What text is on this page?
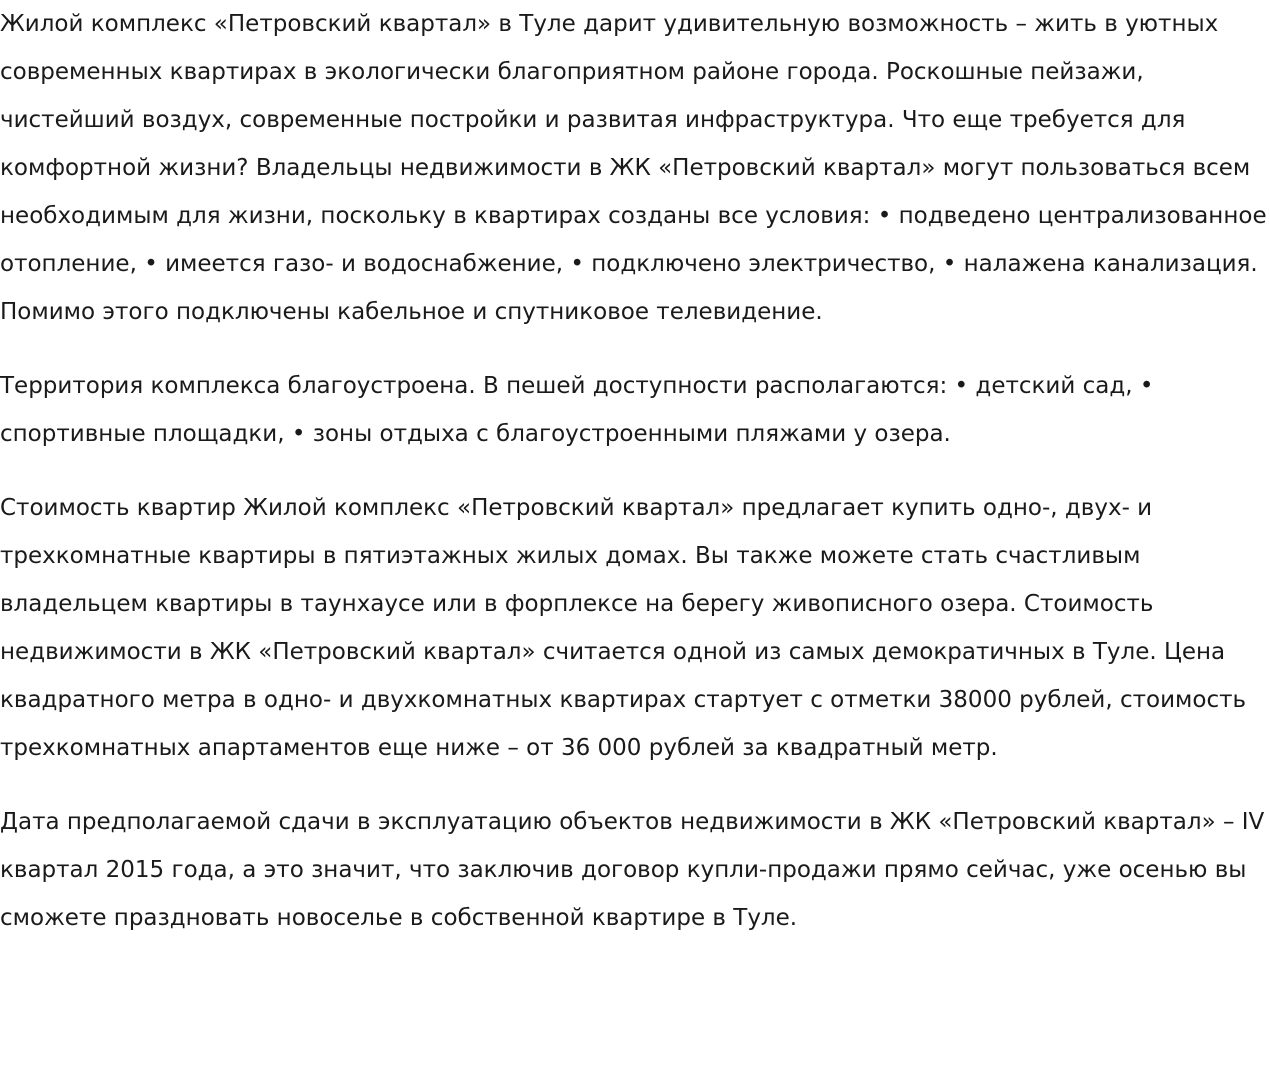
Жилой комплекс «Петровский квартал» в Туле дарит удивительную возможность – жить в уютных современных квартирах в экологически благоприятном районе города. Роскошные пейзажи, чистейший воздух, современные постройки и развитая инфраструктура. Что еще требуется для комфортной жизни? Владельцы недвижимости в ЖК «Петровский квартал» могут пользоваться всем необходимым для жизни, поскольку в квартирах созданы все условия: • подведено централизованное отопление, • имеется газо- и водоснабжение, • подключено электричество, • налажена канализация. Помимо этого подключены кабельное и спутниковое телевидение.

Территория комплекса благоустроена. В пешей доступности располагаются: • детский сад, • спортивные площадки, • зоны отдыха с благоустроенными пляжами у озера.

Стоимость квартир Жилой комплекс «Петровский квартал» предлагает купить одно-, двух- и трехкомнатные квартиры в пятиэтажных жилых домах. Вы также можете стать счастливым владельцем квартиры в таунхаусе или в форплексе на берегу живописного озера. Стоимость недвижимости в ЖК «Петровский квартал» считается одной из самых демократичных в Туле. Цена квадратного метра в одно- и двухкомнатных квартирах стартует с отметки 38000 рублей, стоимость трехкомнатных апартаментов еще ниже – от 36 000 рублей за квадратный метр.

Дата предполагаемой сдачи в эксплуатацию объектов недвижимости в ЖК «Петровский квартал» – IV квартал 2015 года, а это значит, что заключив договор купли-продажи прямо сейчас, уже осенью вы сможете праздновать новоселье в собственной квартире в Туле.
